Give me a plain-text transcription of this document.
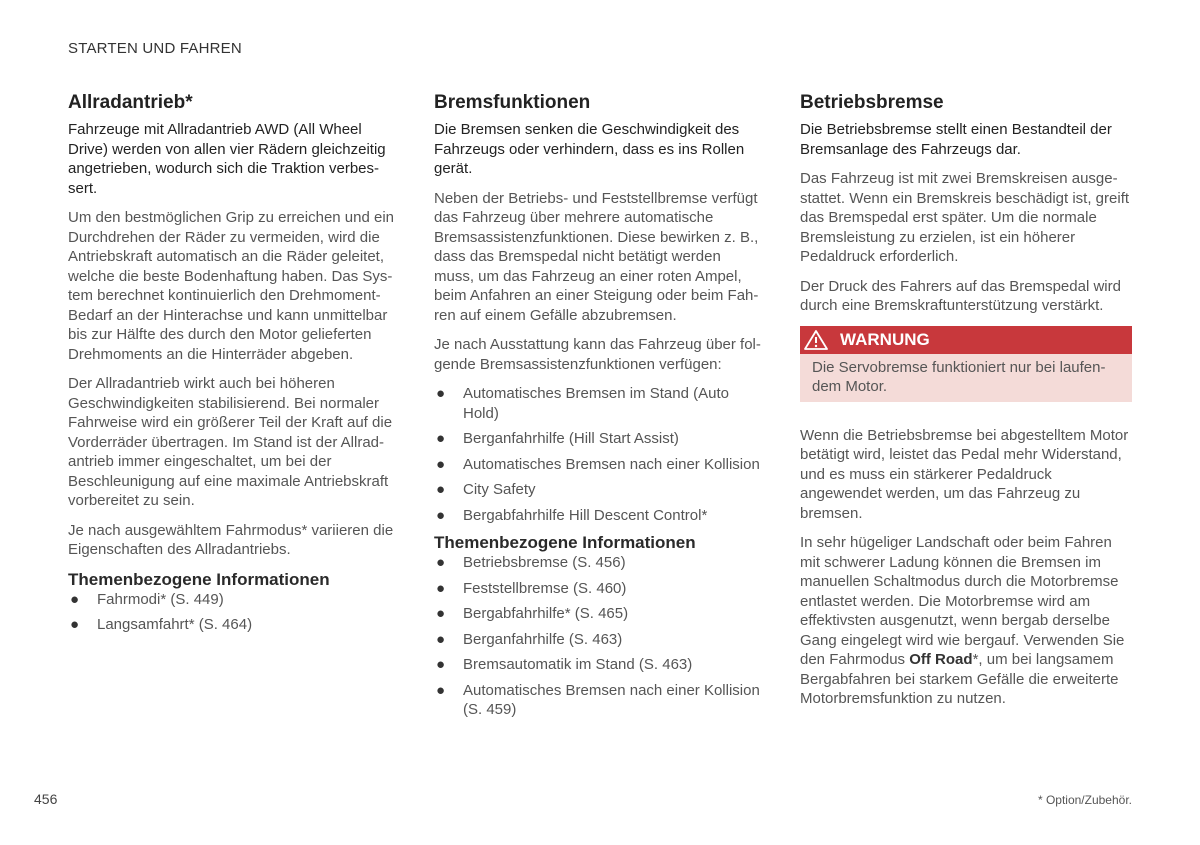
STARTEN UND FAHREN
Allradantrieb*

Fahrzeuge mit Allradantrieb AWD (All Wheel Drive) werden von allen vier Rädern gleichzeitig angetrieben, wodurch sich die Traktion verbessert.

Um den bestmöglichen Grip zu erreichen und ein Durchdrehen der Räder zu vermeiden, wird die Antriebskraft automatisch an die Räder geleitet, welche die beste Bodenhaftung haben. Das System berechnet kontinuierlich den DrehmomentBedarf an der Hinterachse und kann unmittelbar bis zur Hälfte des durch den Motor gelieferten Drehmoments an die Hinterräder abgeben.

Der Allradantrieb wirkt auch bei höheren Geschwindigkeiten stabilisierend. Bei normaler Fahrweise wird ein größerer Teil der Kraft auf die Vorderräder übertragen. Im Stand ist der Allradantrieb immer eingeschaltet, um bei der Beschleunigung auf eine maximale Antriebskraft vorbereitet zu sein.

Je nach ausgewähltem Fahrmodus* variieren die Eigenschaften des Allradantriebs.

Themenbezogene Informationen
● Fahrmodi* (S. 449)
● Langsamfahrt* (S. 464)
Bremsfunktionen

Die Bremsen senken die Geschwindigkeit des Fahrzeugs oder verhindern, dass es ins Rollen gerät.

Neben der Betriebs- und Feststellbremse verfügt das Fahrzeug über mehrere automatische Bremsassistenzfunktionen. Diese bewirken z. B., dass das Bremspedal nicht betätigt werden muss, um das Fahrzeug an einer roten Ampel, beim Anfahren an einer Steigung oder beim Fahren auf einem Gefälle abzubremsen.

Je nach Ausstattung kann das Fahrzeug über folgende Bremsassistenzfunktionen verfügen:

● Automatisches Bremsen im Stand (Auto Hold)
● Berganfahrhilfe (Hill Start Assist)
● Automatisches Bremsen nach einer Kollision
● City Safety
● Bergabfahrhilfe Hill Descent Control*
Themenbezogene Informationen
● Betriebsbremse (S. 456)
● Feststellbremse (S. 460)
● Bergabfahrhilfe* (S. 465)
● Berganfahrhilfe (S. 463)
● Bremsautomatik im Stand (S. 463)
● Automatisches Bremsen nach einer Kollision (S. 459)
Betriebsbremse

Die Betriebsbremse stellt einen Bestandteil der Bremsanlage des Fahrzeugs dar.

Das Fahrzeug ist mit zwei Bremskreisen ausgestattet. Wenn ein Bremskreis beschädigt ist, greift das Bremspedal erst später. Um die normale Bremsleistung zu erzielen, ist ein höherer Pedaldruck erforderlich.

Der Druck des Fahrers auf das Bremspedal wird durch eine Bremskraftunterstützung verstärkt.

WARNUNG
Die Servobremse funktioniert nur bei laufendem Motor.

Wenn die Betriebsbremse bei abgestelltem Motor betätigt wird, leistet das Pedal mehr Widerstand, und es muss ein stärkerer Pedaldruck angewendet werden, um das Fahrzeug zu bremsen.

In sehr hügeliger Landschaft oder beim Fahren mit schwerer Ladung können die Bremsen im manuellen Schaltmodus durch die Motorbremse entlastet werden. Die Motorbremse wird am effektivsten ausgenutzt, wenn bergab derselbe Gang eingelegt wird wie bergauf. Verwenden Sie den Fahrmodus Off Road*, um bei langsamem Bergabfahren bei starkem Gefälle die erweiterte Motorbremsfunktion zu nutzen.

456	* Option/Zubehör.
